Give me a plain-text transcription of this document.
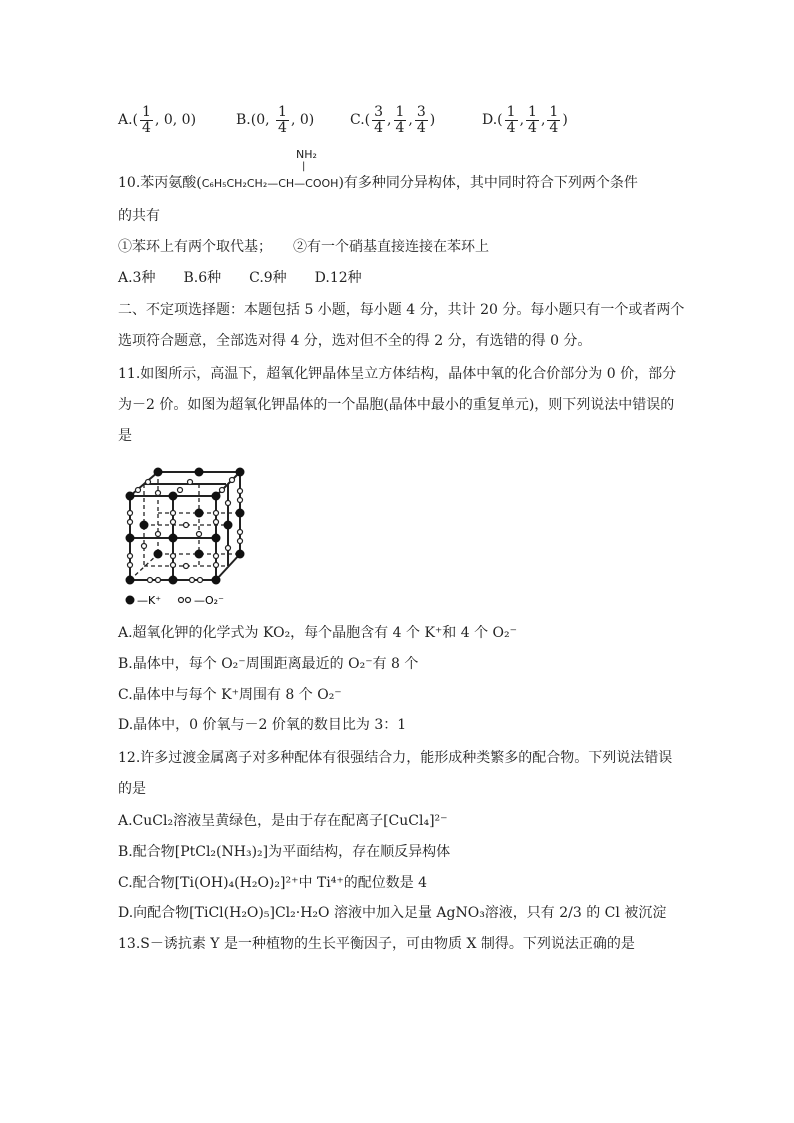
$A.( \frac{1}{4}$ , 0, 0)	B.(0, $\frac{1}{4}$ , 0)	$C.( \frac{3}{4}$ , $\frac{1}{4}$ , $\frac{3}{4}$ )	$D.( \frac{1}{4}$ , $\frac{1}{4}$ , $\frac{1}{4}$ )
NH₂
|
10.苯丙氨酸(C₆H₅CH₂CH₂—CH—COOH)有多种同分异构体，其中同时符合下列两个条件
的共有
①苯环上有两个取代基；　　②有一个硝基直接连接在苯环上
A.3种　　B.6种　　C.9种　　D.12种
二、不定项选择题：本题包括 5 小题，每小题 4 分，共计 20 分。每小题只有一个或者两个
选项符合题意，全部选对得 4 分，选对但不全的得 2 分，有选错的得 0 分。
11.如图所示，高温下，超氧化钾晶体呈立方体结构，晶体中氧的化合价部分为 0 价，部分
为－2 价。如图为超氧化钾晶体的一个晶胞(晶体中最小的重复单元)，则下列说法中错误的
是
—K⁺	—O₂⁻
A.超氧化钾的化学式为 KO₂，每个晶胞含有 4 个 K⁺和 4 个 O₂⁻
B.晶体中，每个 O₂⁻周围距离最近的 O₂⁻有 8 个
C.晶体中与每个 K⁺周围有 8 个 O₂⁻
D.晶体中，0 价氧与－2 价氧的数目比为 3：1
12.许多过渡金属离子对多种配体有很强结合力，能形成种类繁多的配合物。下列说法错误
的是
A.CuCl₂溶液呈黄绿色，是由于存在配离子[CuCl₄]²⁻
B.配合物[PtCl₂(NH₃)₂]为平面结构，存在顺反异构体
C.配合物[Ti(OH)₄(H₂O)₂]²⁺中 Ti⁴⁺的配位数是 4
D.向配合物[TiCl(H₂O)₅]Cl₂·H₂O 溶液中加入足量 AgNO₃溶液，只有 2/3 的 Cl 被沉淀
13.S－诱抗素 Y 是一种植物的生长平衡因子，可由物质 X 制得。下列说法正确的是
